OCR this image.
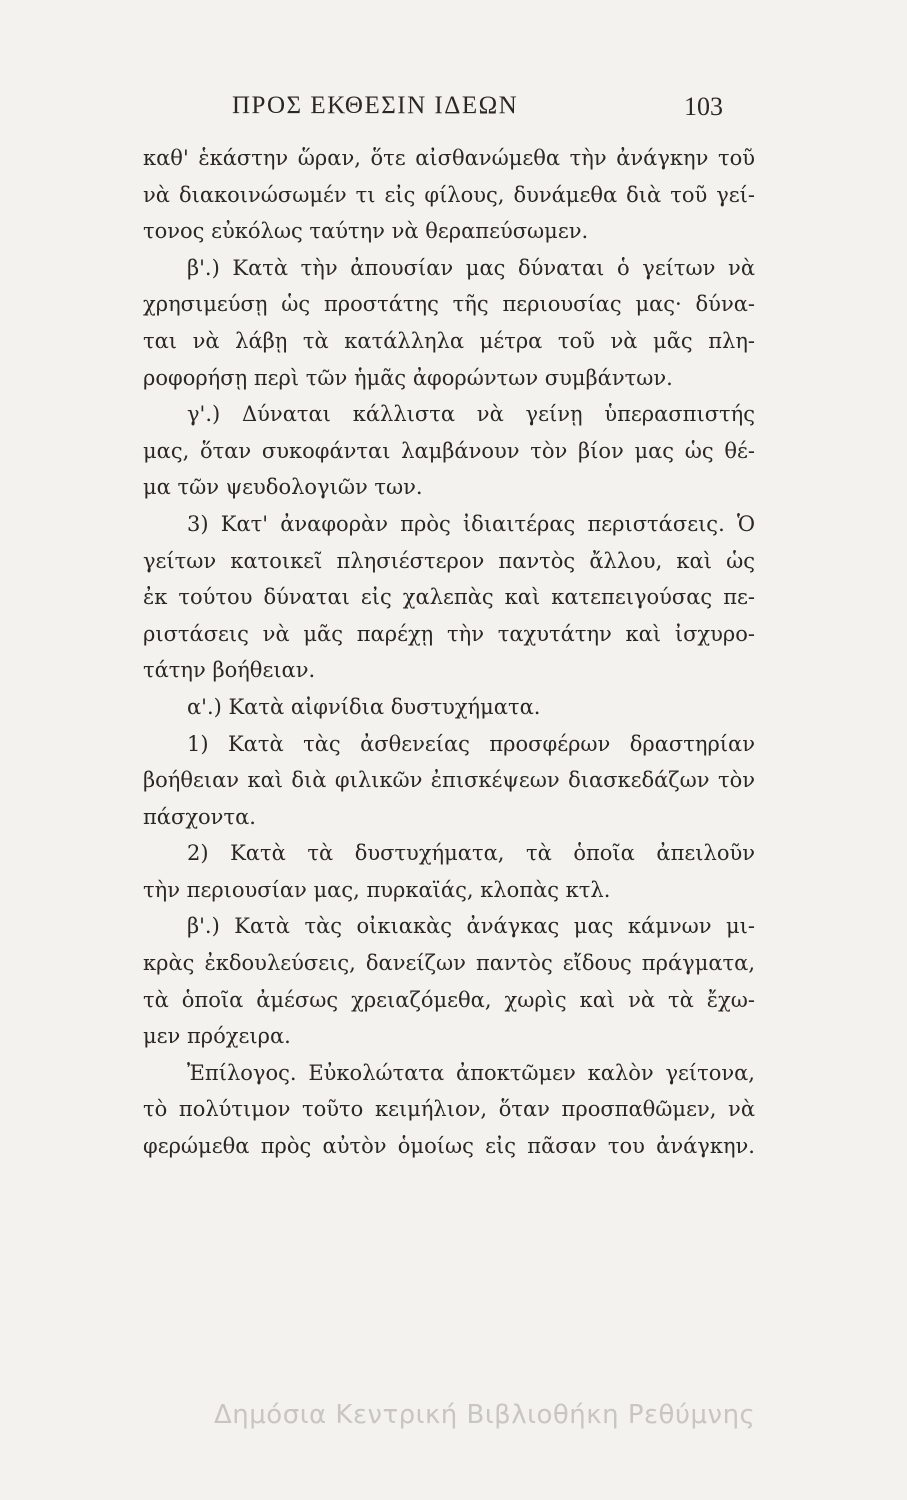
ΠΡΟΣ ΕΚΘΕΣΙΝ ΙΔΕΩΝ	103
καθ' ἑκάστην ὥραν, ὅτε αἰσθανώμεθα τὴν ἀνάγκην τοῦ
νὰ διακοινώσωμέν τι εἰς φίλους, δυνάμεθα διὰ τοῦ γεί-
τονος εὐκόλως ταύτην νὰ θεραπεύσωμεν.
β'.) Κατὰ τὴν ἀπουσίαν μας δύναται ὁ γείτων νὰ
χρησιμεύσῃ ὡς προστάτης τῆς περιουσίας μας· δύνα-
ται νὰ λάβῃ τὰ κατάλληλα μέτρα τοῦ νὰ μᾶς πλη-
ροφορήσῃ περὶ τῶν ἡμᾶς ἀφορώντων συμβάντων.
γ'.) Δύναται κάλλιστα νὰ γείνῃ ὑπερασπιστής
μας, ὅταν συκοφάνται λαμβάνουν τὸν βίον μας ὡς θέ-
μα τῶν ψευδολογιῶν των.
3) Κατ' ἀναφορὰν πρὸς ἰδιαιτέρας περιστάσεις. Ὁ
γείτων κατοικεῖ πλησιέστερον παντὸς ἄλλου, καὶ ὡς
ἐκ τούτου δύναται εἰς χαλεπὰς καὶ κατεπειγούσας πε-
ριστάσεις νὰ μᾶς παρέχῃ τὴν ταχυτάτην καὶ ἰσχυρο-
τάτην βοήθειαν.
α'.) Κατὰ αἰφνίδια δυστυχήματα.
1) Κατὰ τὰς ἀσθενείας προσφέρων δραστηρίαν
βοήθειαν καὶ διὰ φιλικῶν ἐπισκέψεων διασκεδάζων τὸν
πάσχοντα.
2) Κατὰ τὰ δυστυχήματα, τὰ ὁποῖα ἀπειλοῦν
τὴν περιουσίαν μας, πυρκαϊάς, κλοπὰς κτλ.
β'.) Κατὰ τὰς οἰκιακὰς ἀνάγκας μας κάμνων μι-
κρὰς ἐκδουλεύσεις, δανείζων παντὸς εἴδους πράγματα,
τὰ ὁποῖα ἀμέσως χρειαζόμεθα, χωρὶς καὶ νὰ τὰ ἔχω-
μεν πρόχειρα.
Ἐπίλογος. Εὐκολώτατα ἀποκτῶμεν καλὸν γείτονα,
τὸ πολύτιμον τοῦτο κειμήλιον, ὅταν προσπαθῶμεν, νὰ
φερώμεθα πρὸς αὐτὸν ὁμοίως εἰς πᾶσαν του ἀνάγκην.
Δημόσια Κεντρική Βιβλιοθήκη Ρεθύμνης
